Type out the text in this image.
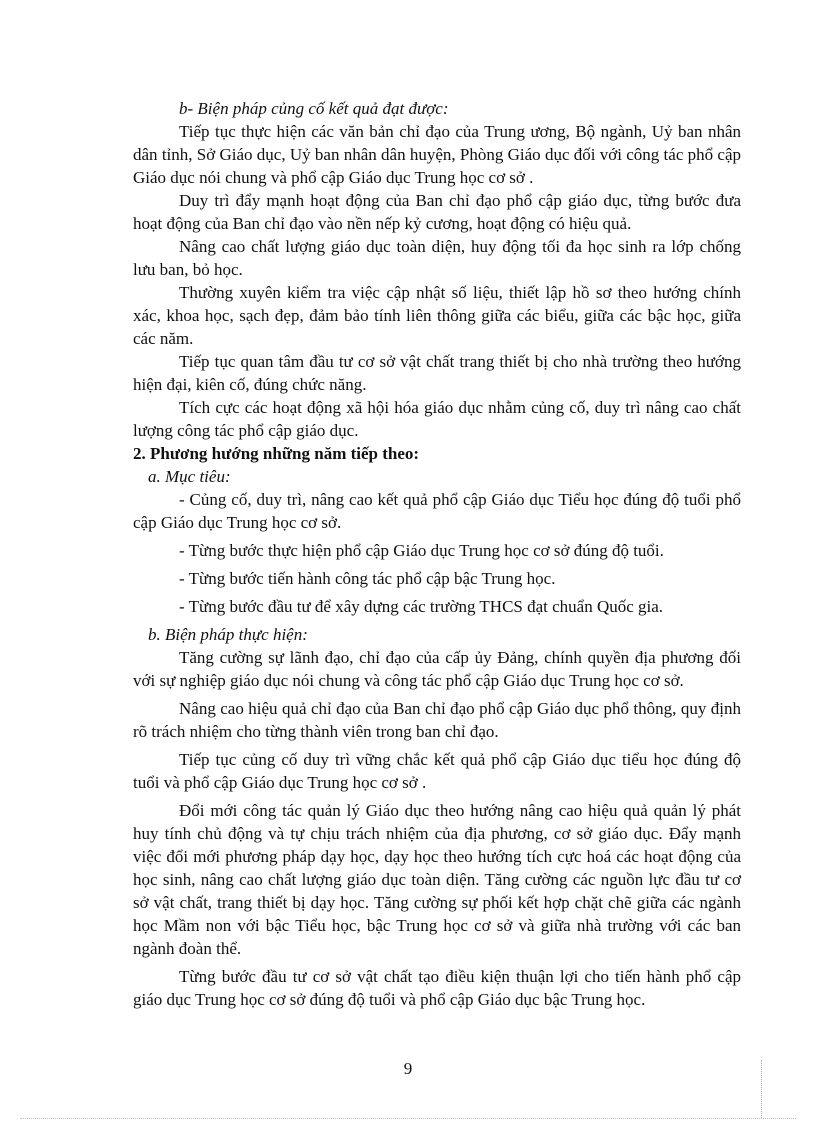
b- Biện pháp củng cố kết quả đạt được:

Tiếp tục thực hiện các văn bản chỉ đạo của Trung ương, Bộ ngành, Uỷ ban nhân dân tỉnh, Sở Giáo dục, Uỷ ban nhân dân huyện, Phòng Giáo dục đối với công tác phổ cập Giáo dục nói chung và phổ cập Giáo dục Trung học cơ sở .

Duy trì đẩy mạnh hoạt động của Ban chỉ đạo phổ cập giáo dục, từng bước đưa hoạt động của Ban chỉ đạo vào nền nếp kỷ cương, hoạt động có hiệu quả.

Nâng cao chất lượng giáo dục toàn diện, huy động tối đa học sinh ra lớp chống lưu ban, bỏ học.

Thường xuyên kiểm tra việc cập nhật số liệu, thiết lập hồ sơ theo hướng chính xác, khoa học, sạch đẹp, đảm bảo tính liên thông giữa các biểu, giữa các bậc học, giữa các năm.

Tiếp tục quan tâm đầu tư cơ sở vật chất trang thiết bị cho nhà trường theo hướng hiện đại, kiên cố, đúng chức năng.

Tích cực các hoạt động xã hội hóa giáo dục nhằm củng cố, duy trì nâng cao chất lượng công tác phổ cập giáo dục.

2. Phương hướng những năm tiếp theo:

a. Mục tiêu:

- Củng cố, duy trì, nâng cao kết quả phổ cập Giáo dục Tiểu học đúng độ tuổi phổ cập Giáo dục Trung học cơ sở.

- Từng bước thực hiện phổ cập Giáo dục Trung học cơ sở đúng độ tuổi.

- Từng bước tiến hành công tác phổ cập bậc Trung học.

- Từng bước đầu tư để xây dựng các trường THCS đạt chuẩn Quốc gia.

b. Biện pháp thực hiện:

Tăng cường sự lãnh đạo, chỉ đạo của cấp ủy Đảng, chính quyền địa phương đối với sự nghiệp giáo dục nói chung và công tác phổ cập Giáo dục Trung học cơ sở.

Nâng cao hiệu quả chỉ đạo của Ban chỉ đạo phổ cập Giáo dục phổ thông, quy định rõ trách nhiệm cho từng thành viên trong ban chỉ đạo.

Tiếp tục củng cố duy trì vững chắc kết quả phổ cập Giáo dục tiểu học đúng độ tuổi và phổ cập Giáo dục Trung học cơ sở .

Đổi mới công tác quản lý Giáo dục theo hướng nâng cao hiệu quả quản lý phát huy tính chủ động và tự chịu trách nhiệm của địa phương, cơ sở giáo dục. Đẩy mạnh việc đổi mới phương pháp dạy học, dạy học theo hướng tích cực hoá các hoạt động của học sinh, nâng cao chất lượng giáo dục toàn diện. Tăng cường các nguồn lực đầu tư cơ sở vật chất, trang thiết bị dạy học. Tăng cường sự phối kết hợp chặt chẽ giữa các ngành học Mầm non với bậc Tiểu học, bậc Trung học cơ sở và giữa nhà trường với các ban ngành đoàn thể.

Từng bước đầu tư cơ sở vật chất tạo điều kiện thuận lợi cho tiến hành phổ cập giáo dục Trung học cơ sở đúng độ tuổi và phổ cập Giáo dục bậc Trung học.

9
